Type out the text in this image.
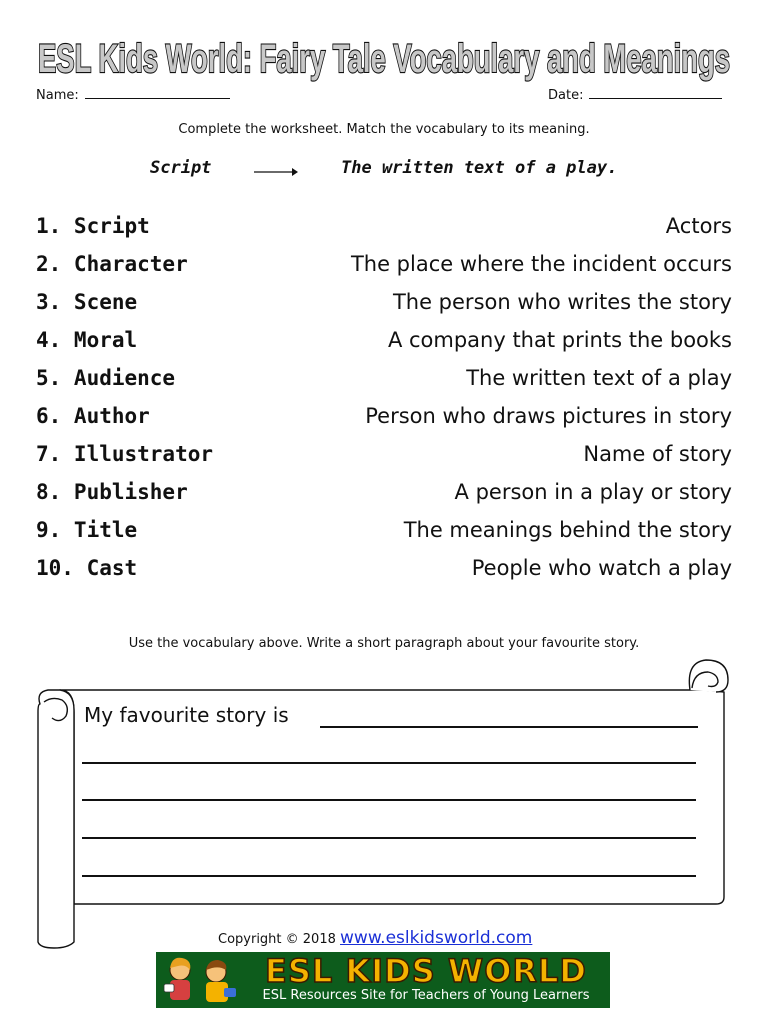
ESL Kids World: Fairy Tale Vocabulary and Meanings
Name:	Date:
Complete the worksheet. Match the vocabulary to its meaning.
Script	The written text of a play.
1. Script	Actors
2. Character	The place where the incident occurs
3. Scene	The person who writes the story
4. Moral	A company that prints the books
5. Audience	The written text of a play
6. Author	Person who draws pictures in story
7. Illustrator	Name of story
8. Publisher	A person in a play or story
9. Title	The meanings behind the story
10. Cast	People who watch a play
Use the vocabulary above. Write a short paragraph about your favourite story.
My favourite story is
Copyright © 2018 www.eslkidsworld.com
ESL KIDS WORLD
ESL Resources Site for Teachers of Young Learners
